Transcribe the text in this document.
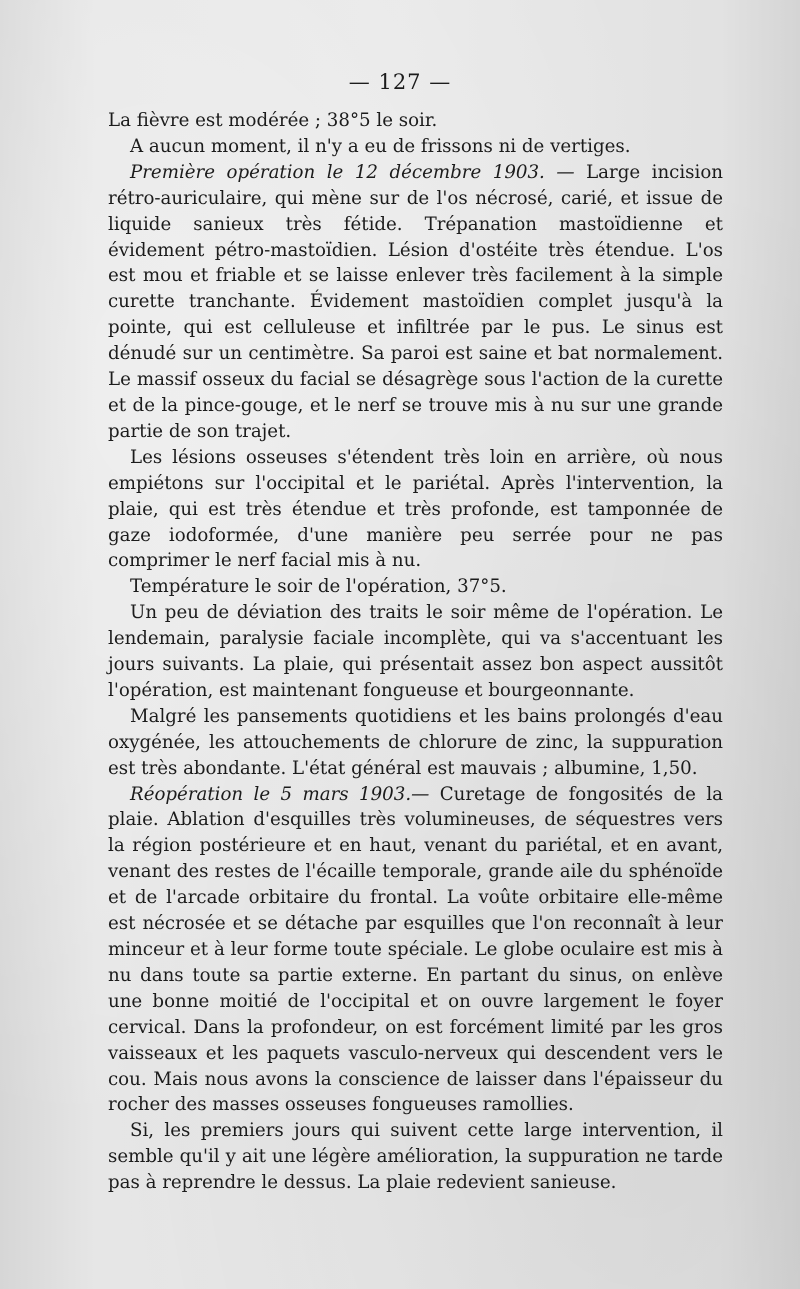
— 127 —

La fièvre est modérée ; 38°5 le soir.

A aucun moment, il n'y a eu de frissons ni de vertiges.

Première opération le 12 décembre 1903. — Large incision rétro-auriculaire, qui mène sur de l'os nécrosé, carié, et issue de liquide sanieux très fétide. Trépanation mastoïdienne et évidement pétro-mastoïdien. Lésion d'ostéite très étendue. L'os est mou et friable et se laisse enlever très facilement à la simple curette tranchante. Évidement mastoïdien complet jusqu'à la pointe, qui est celluleuse et infiltrée par le pus. Le sinus est dénudé sur un centimètre. Sa paroi est saine et bat normalement. Le massif osseux du facial se désagrège sous l'action de la curette et de la pince-gouge, et le nerf se trouve mis à nu sur une grande partie de son trajet.

Les lésions osseuses s'étendent très loin en arrière, où nous empiétons sur l'occipital et le pariétal. Après l'intervention, la plaie, qui est très étendue et très profonde, est tamponnée de gaze iodoformée, d'une manière peu serrée pour ne pas comprimer le nerf facial mis à nu.

Température le soir de l'opération, 37°5.

Un peu de déviation des traits le soir même de l'opération. Le lendemain, paralysie faciale incomplète, qui va s'accentuant les jours suivants. La plaie, qui présentait assez bon aspect aussitôt l'opération, est maintenant fongueuse et bourgeonnante.

Malgré les pansements quotidiens et les bains prolongés d'eau oxygénée, les attouchements de chlorure de zinc, la suppuration est très abondante. L'état général est mauvais ; albumine, 1,50.

Réopération le 5 mars 1903.— Curetage de fongosités de la plaie. Ablation d'esquilles très volumineuses, de séquestres vers la région postérieure et en haut, venant du pariétal, et en avant, venant des restes de l'écaille temporale, grande aile du sphénoïde et de l'arcade orbitaire du frontal. La voûte orbitaire elle-même est nécrosée et se détache par esquilles que l'on reconnaît à leur minceur et à leur forme toute spéciale. Le globe oculaire est mis à nu dans toute sa partie externe. En partant du sinus, on enlève une bonne moitié de l'occipital et on ouvre largement le foyer cervical. Dans la profondeur, on est forcément limité par les gros vaisseaux et les paquets vasculo-nerveux qui descendent vers le cou. Mais nous avons la conscience de laisser dans l'épaisseur du rocher des masses osseuses fongueuses ramollies.

Si, les premiers jours qui suivent cette large intervention, il semble qu'il y ait une légère amélioration, la suppuration ne tarde pas à reprendre le dessus. La plaie redevient sanieuse.
